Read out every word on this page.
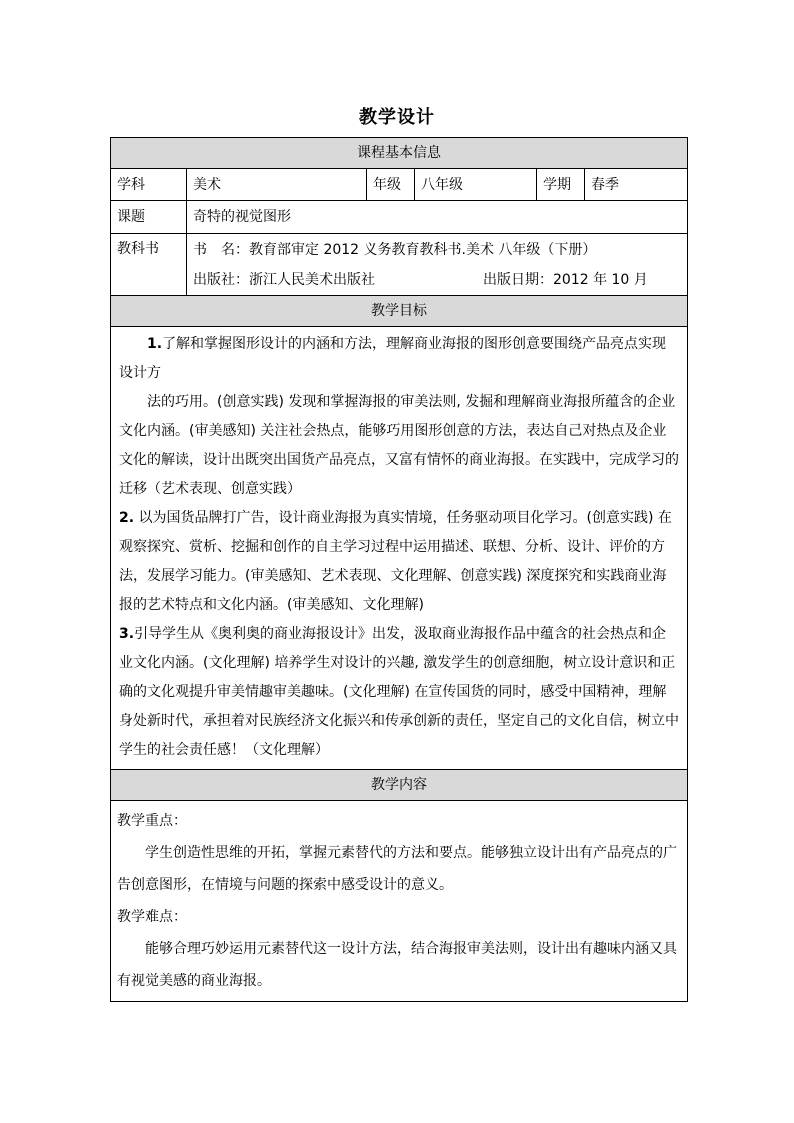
教学设计
课程基本信息					
学科	美术	年级	八年级	学期	春季
课题	奇特的视觉图形				
教科书	书　名：教育部审定 2012 义务教育教科书.美术 八年级（下册）
出版社：浙江人民美术出版社 出版日期：2012 年 10 月				

教学目标					

1.了解和掌握图形设计的内涵和方法，理解商业海报的图形创意要围绕产品亮点实现设计方

法的巧用。(创意实践) 发现和掌握海报的审美法则, 发掘和理解商业海报所蕴含的企业文化内涵。(审美感知) 关注社会热点，能够巧用图形创意的方法，表达自己对热点及企业文化的解读，设计出既突出国货产品亮点，又富有情怀的商业海报。在实践中，完成学习的迁移（艺术表现、创意实践）

2. 以为国货品牌打广告，设计商业海报为真实情境，任务驱动项目化学习。(创意实践) 在观察探究、赏析、挖掘和创作的自主学习过程中运用描述、联想、分析、设计、评价的方法，发展学习能力。(审美感知、艺术表现、文化理解、创意实践) 深度探究和实践商业海报的艺术特点和文化内涵。(审美感知、文化理解)

3.引导学生从《奥利奥的商业海报设计》出发，汲取商业海报作品中蕴含的社会热点和企业文化内涵。(文化理解) 培养学生对设计的兴趣, 激发学生的创意细胞，树立设计意识和正确的文化观提升审美情趣审美趣味。(文化理解) 在宣传国货的同时，感受中国精神，理解身处新时代，承担着对民族经济文化振兴和传承创新的责任，坚定自己的文化自信，树立中学生的社会责任感！（文化理解）					

教学内容					

教学重点：

学生创造性思维的开拓，掌握元素替代的方法和要点。能够独立设计出有产品亮点的广告创意图形，在情境与问题的探索中感受设计的意义。

教学难点：

能够合理巧妙运用元素替代这一设计方法，结合海报审美法则，设计出有趣味内涵又具有视觉美感的商业海报。					
